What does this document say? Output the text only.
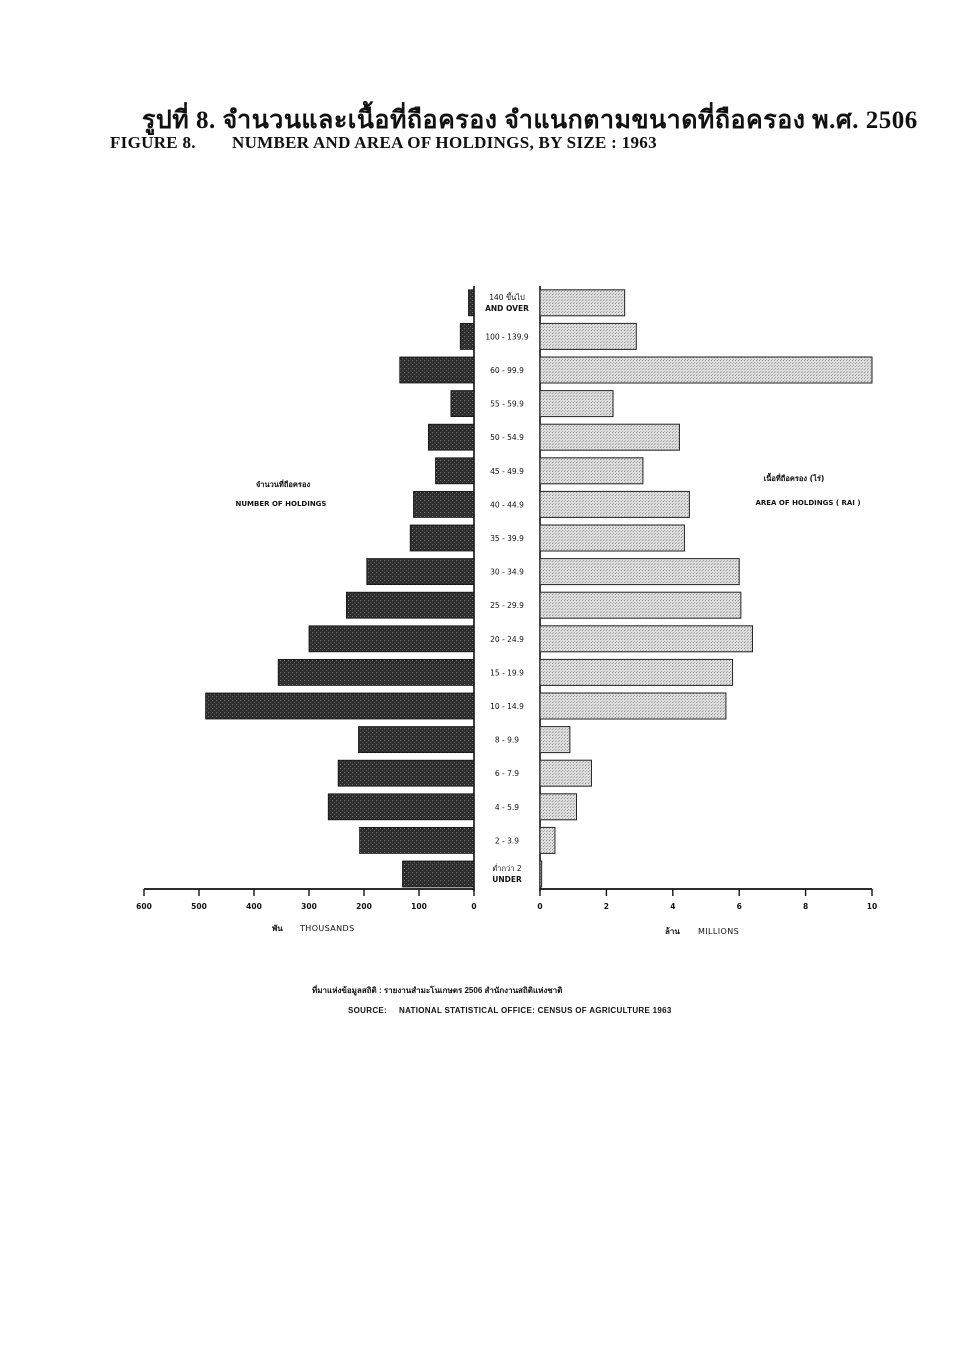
รูปที่ 8. จำนวนและเนื้อที่ถือครอง จำแนกตามขนาดที่ถือครอง พ.ศ. 2506
FIGURE 8. NUMBER AND AREA OF HOLDINGS, BY SIZE : 1963
140 ขึ้นไป
AND OVER
100 - 139.9
60 - 99.9
55 - 59.9
50 - 54.9
45 - 49.9
40 - 44.9
35 - 39.9
30 - 34.9
25 - 29.9
20 - 24.9
15 - 19.9
10 - 14.9
8 - 9.9
6 - 7.9
4 - 5.9
2 - 3.9
ต่ำกว่า 2
UNDER
600	500	400	300	200	100	0	0	2	4	6	8	10
พัน THOUSANDS	ล้าน MILLIONS
จำนวนที่ถือครอง
NUMBER OF HOLDINGS
เนื้อที่ถือครอง (ไร่)
AREA OF HOLDINGS ( RAI )
ที่มาแห่งข้อมูลสถิติ : รายงานสำมะโนเกษตร 2506 สำนักงานสถิติแห่งชาติ
SOURCE: NATIONAL STATISTICAL OFFICE: CENSUS OF AGRICULTURE 1963
